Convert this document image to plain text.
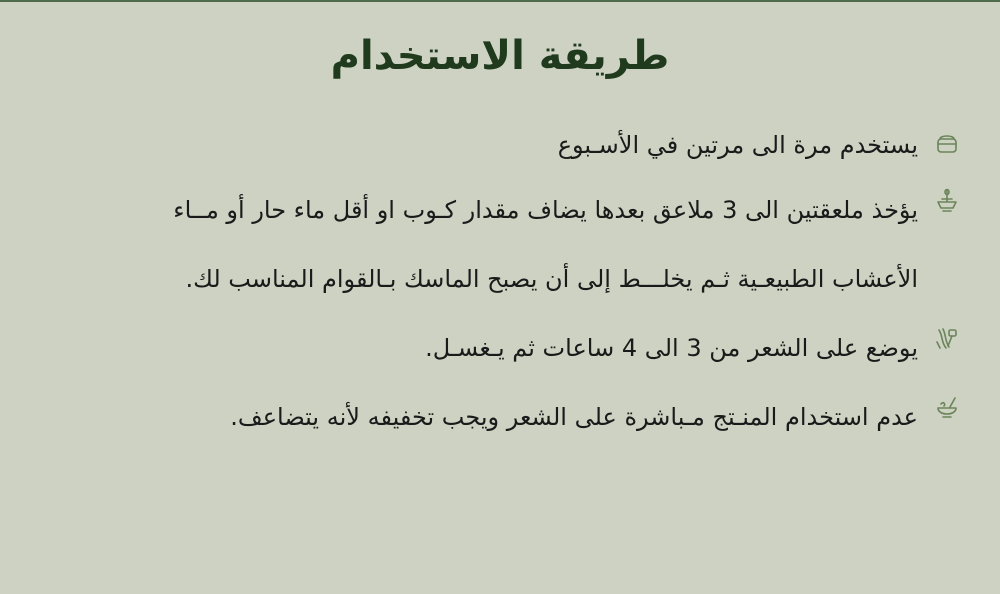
طريقة الاستخدام
يستخدم مرة الى مرتين في الأسـبوع
يؤخذ ملعقتين الى 3 ملاعق بعدها يضاف مقدار كـوب او أقل ماء حار أو مــاء الأعشاب الطبيعـية ثـم يخلـــط إلى أن يصبح الماسك بـالقوام المناسب لك.
يوضع على الشعر من 3 الى 4 ساعات ثم يـغسـل.
عدم استخدام المنـتج مـباشرة على الشعر ويجب تخفيفه لأنه يتضاعف.
